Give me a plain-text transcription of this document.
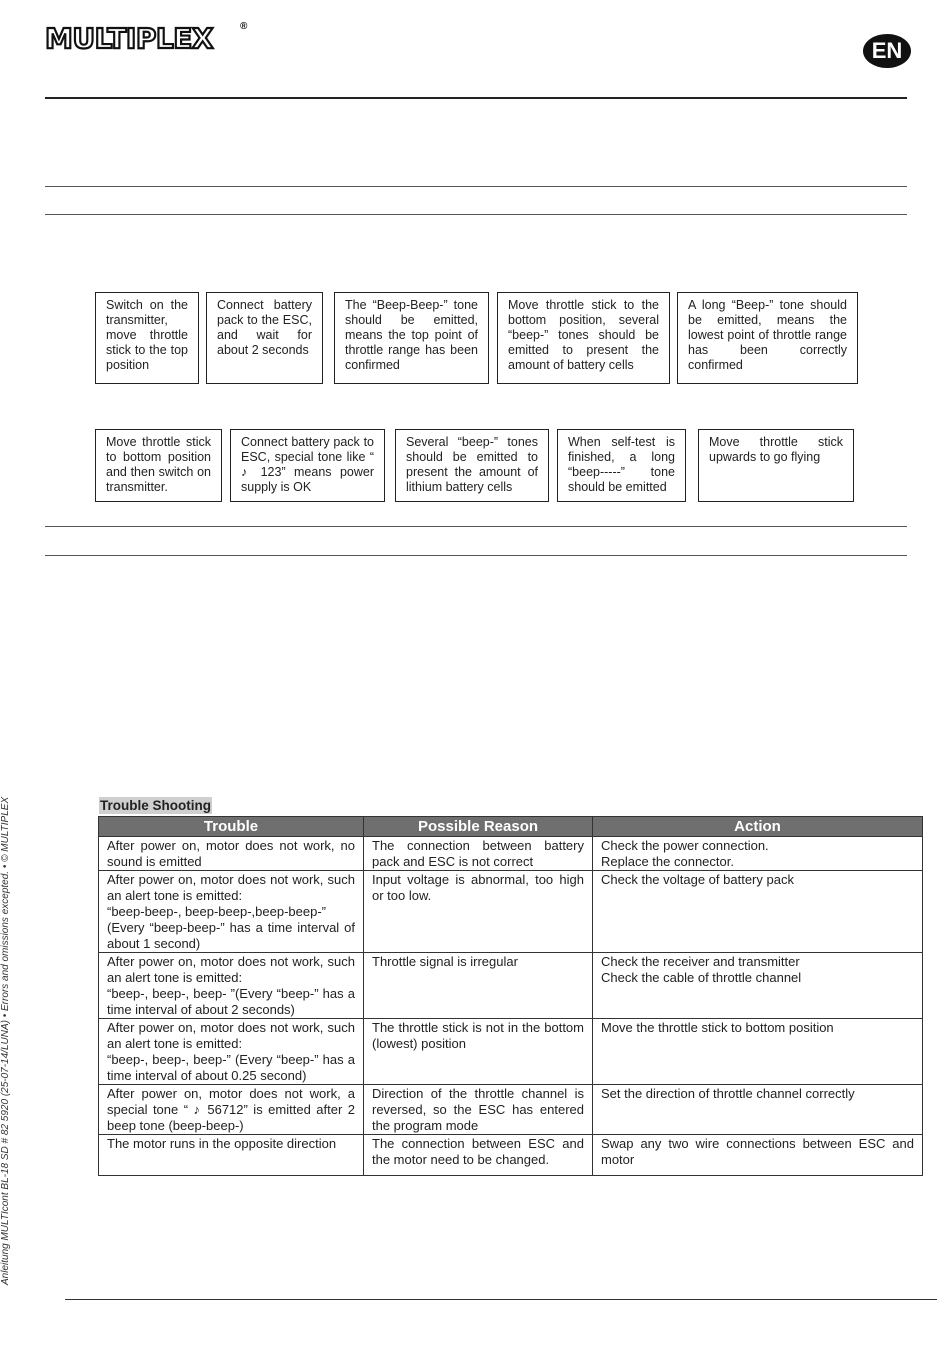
MULTIPLEX	®
EN
Switch on the transmitter, move throttle stick to the top position
Connect battery pack to the ESC, and wait for about 2 seconds
The “Beep-Beep-” tone should be emitted, means the top point of throttle range has been confirmed
Move throttle stick to the bottom position, several “beep-” tones should be emitted to present the amount of battery cells
A long “Beep-” tone should be emitted, means the lowest point of throttle range has been correctly confirmed
Move throttle stick to bottom position and then switch on transmitter.
Connect battery pack to ESC, special tone like “ ♪ 123” means power supply is OK
Several “beep-” tones should be emitted to present the amount of lithium battery cells
When self-test is finished, a long “beep-----” tone should be emitted
Move throttle stick upwards to go flying
Anleitung MULTIcont BL-18 SD # 82 5920 (25-07-14/LUNA) • Errors and omissions excepted. • © MULTIPLEX	Trouble Shooting
Trouble	Possible Reason	Action

After power on, motor does not work, no sound is emitted	The connection between battery pack and ESC is not correct	Check the power connection.
Replace the connector.

After power on, motor does not work, such an alert tone is emitted:
“beep-beep-, beep-beep-,beep-beep-”
(Every “beep-beep-” has a time interval of about 1 second)	Input voltage is abnormal, too high or too low.	Check the voltage of battery pack

After power on, motor does not work, such an alert tone is emitted:
“beep-, beep-, beep- ”(Every “beep-” has a time interval of about 2 seconds)	Throttle signal is irregular	Check the receiver and transmitter
Check the cable of throttle channel

After power on, motor does not work, such an alert tone is emitted:
“beep-, beep-, beep-” (Every “beep-” has a time interval of about 0.25 second)	The throttle stick is not in the bottom (lowest) position	Move the throttle stick to bottom position

After power on, motor does not work, a special tone “ ♪ 56712” is emitted after 2 beep tone (beep-beep-)	Direction of the throttle channel is reversed, so the ESC has entered the program mode	Set the direction of throttle channel correctly

The motor runs in the opposite direction	The connection between ESC and the motor need to be changed.	Swap any two wire connections between ESC and motor
